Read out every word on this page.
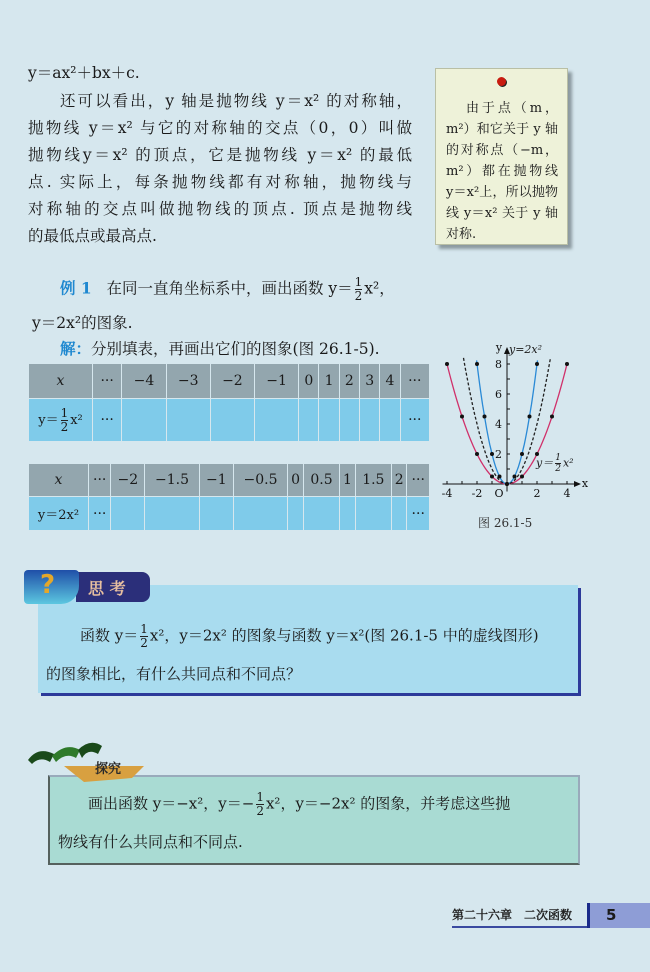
y＝ax²＋bx＋c.
还可以看出，y 轴是抛物线 y＝x² 的对称轴，
抛物线 y＝x² 与它的对称轴的交点（0，0）叫做
抛物线y＝x² 的顶点，它是抛物线 y＝x² 的最低
点. 实际上，每条抛物线都有对称轴，抛物线与
对称轴的交点叫做抛物线的顶点. 顶点是抛物线
的最低点或最高点.
由于点（m，
m²）和它关于 y 轴
的对称点（−m，
m²）都在抛物线
y＝x²上，所以抛物
线 y＝x² 关于 y 轴
对称.
例 1 在同一直角坐标系中，画出函数 $y= \frac{1}{2} x^2$，
y＝2x²的图象.
解：分别填表，再画出它们的图象(图 26.1-5).
x	···	−4	−3	−2	−1	0	1	2	3	4	···
$y= \frac{1}{2} x^2$	···										···
x	···	−2	−1.5	−1	−0.5	0	0.5	1	1.5	2	···
y＝2x²	···										···
-4 -2	2 4
2
4
6
8
x
y
O
y=2x²
$y= \frac{1}{2} x^2$
图 26.1-5
函数 $y= \frac{1}{2} x^2$，y＝2x² 的图象与函数 y＝x²(图 26.1-5 中的虚线图形)
的图象相比，有什么共同点和不同点？
? 思 考
画出函数 y＝−x²，$y=- \frac{1}{2} x^2$，y＝−2x² 的图象，并考虑这些抛
物线有什么共同点和不同点.
探究
第二十六章　二次函数	5
